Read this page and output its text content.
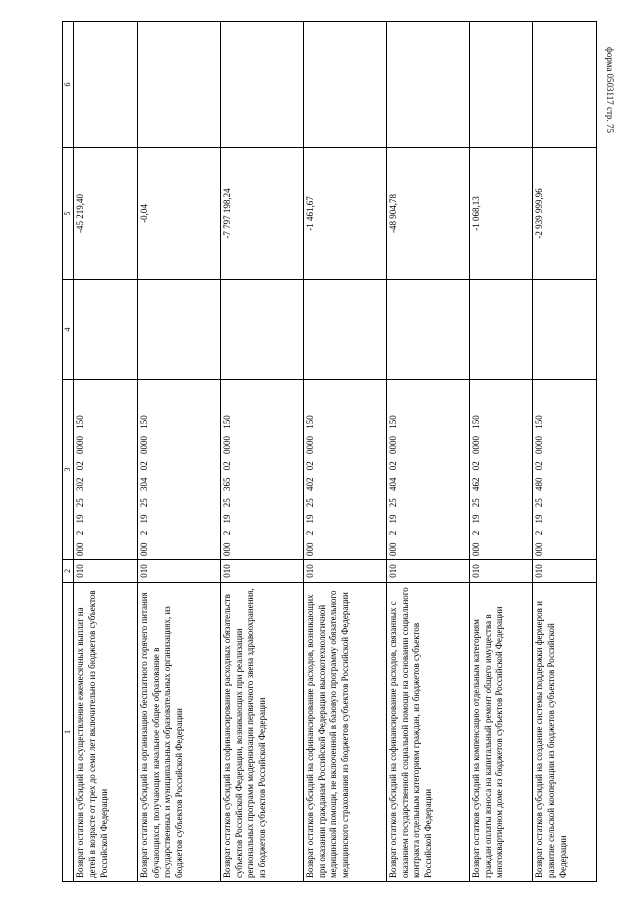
форма 0503117 стр. 75
1	2	3	4	5	6
Возврат остатков субсидий на осуществление ежемесячных выплат на детей в возрасте от трех до семи лет включительно из бюджетов субъектов Российской Федерации	010	000 2 19 25 302 02 0000 150		-45 219,40	
Возврат остатков субсидий на организацию бесплатного горячего питания обучающихся, получающих начальное общее образование в государственных и муниципальных образовательных организациях, из бюджетов субъектов Российской Федерации	010	000 2 19 25 304 02 0000 150		-0,04	
Возврат остатков субсидий на софинансирование расходных обязательств субъектов Российской Федерации, возникающих при реализации региональных программ модернизации первичного звена здравоохранения, из бюджетов субъектов Российской Федерации	010	000 2 19 25 365 02 0000 150		-7 797 198,24	
Возврат остатков субсидий на софинансирование расходов, возникающих при оказании гражданам Российской Федерации высокотехнологичной медицинской помощи, не включенной в базовую программу обязательного медицинского страхования из бюджетов субъектов Российской Федерации	010	000 2 19 25 402 02 0000 150		-1 461,67	
Возврат остатков субсидий на софинансирование расходов, связанных с оказанием государственной социальной помощи на основании социального контракта отдельным категориям граждан, из бюджетов субъектов Российской Федерации	010	000 2 19 25 404 02 0000 150		-48 904,78	
Возврат остатков субсидий на компенсацию отдельным категориям граждан оплаты взноса на капитальный ремонт общего имущества в многоквартирном доме из бюджетов субъектов Российской Федерации	010	000 2 19 25 462 02 0000 150		-1 068,13	
Возврат остатков субсидий на создание системы поддержки фермеров и развитие сельской кооперации из бюджетов субъектов Российской Федерации	010	000 2 19 25 480 02 0000 150		-2 939 999,96	
